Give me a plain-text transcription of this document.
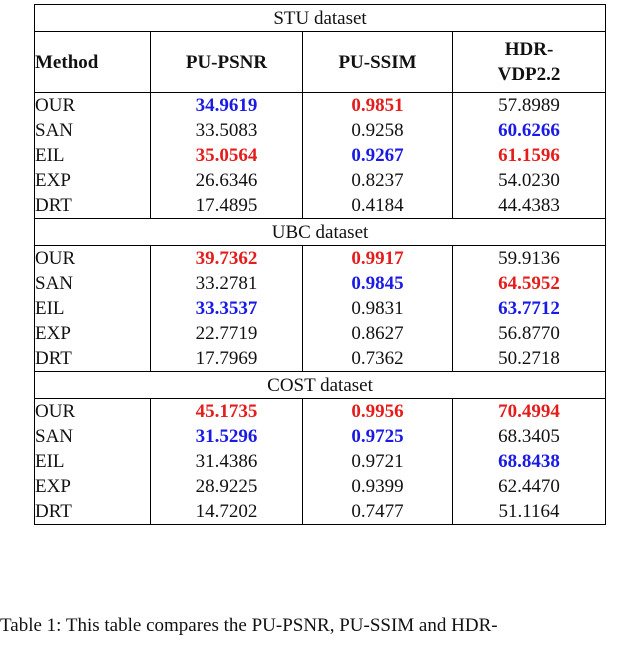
STU dataset			
Method	PU-PSNR	PU-SSIM	HDR-
VDP2.2
OUR	34.9619	0.9851	57.8989
SAN	33.5083	0.9258	60.6266
EIL	35.0564	0.9267	61.1596
EXP	26.6346	0.8237	54.0230
DRT	17.4895	0.4184	44.4383
UBC dataset			
OUR	39.7362	0.9917	59.9136
SAN	33.2781	0.9845	64.5952
EIL	33.3537	0.9831	63.7712
EXP	22.7719	0.8627	56.8770
DRT	17.7969	0.7362	50.2718
COST dataset			
OUR	45.1735	0.9956	70.4994
SAN	31.5296	0.9725	68.3405
EIL	31.4386	0.9721	68.8438
EXP	28.9225	0.9399	62.4470
DRT	14.7202	0.7477	51.1164
Table 1: This table compares the PU-PSNR, PU-SSIM and HDR-
